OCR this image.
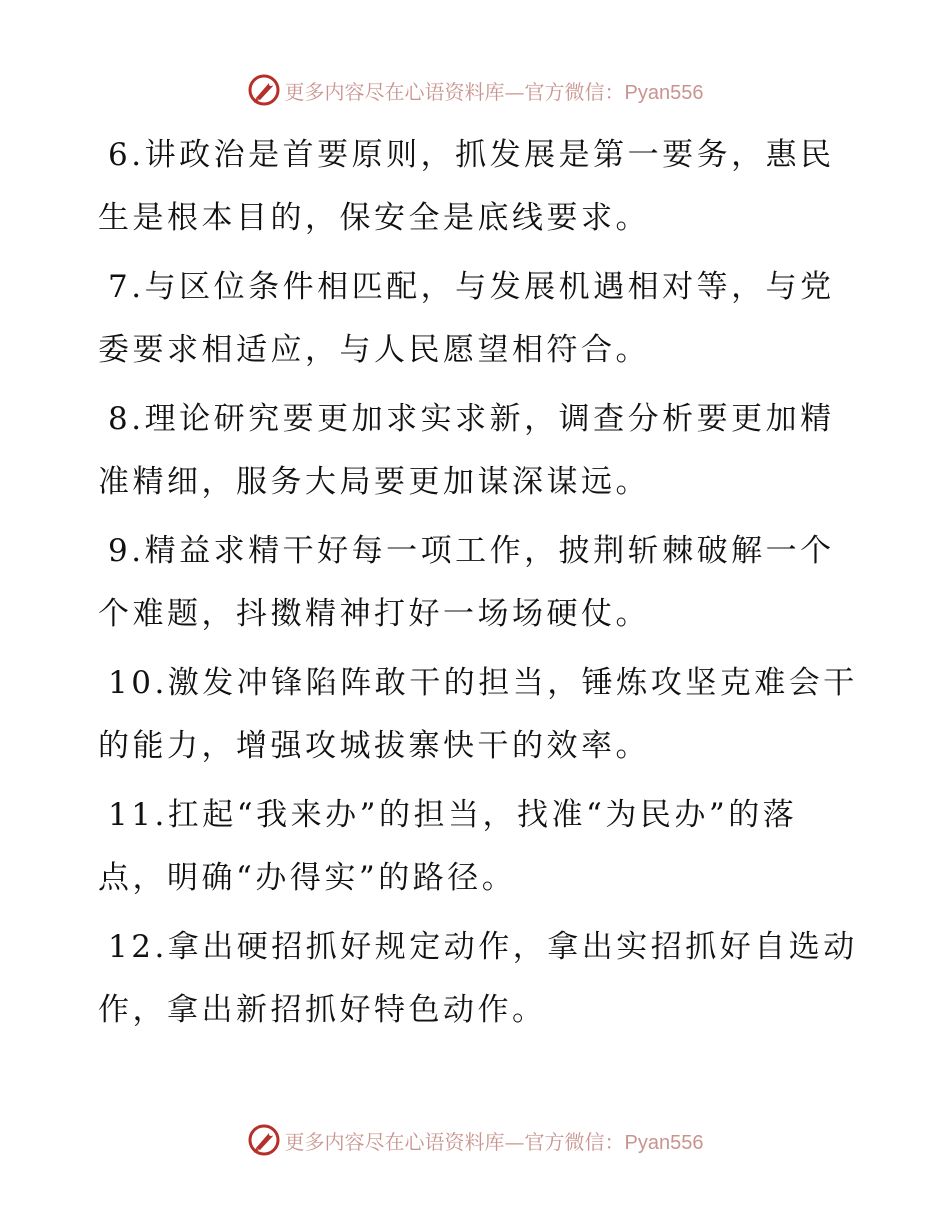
更多内容尽在心语资料库—官方微信：Pyan556

6.讲政治是首要原则，抓发展是第一要务，惠民生是根本目的，保安全是底线要求。

7.与区位条件相匹配，与发展机遇相对等，与党委要求相适应，与人民愿望相符合。

8.理论研究要更加求实求新，调查分析要更加精准精细，服务大局要更加谋深谋远。

9.精益求精干好每一项工作，披荆斩棘破解一个个难题，抖擞精神打好一场场硬仗。

10.激发冲锋陷阵敢干的担当，锤炼攻坚克难会干的能力，增强攻城拔寨快干的效率。

11.扛起“我来办”的担当，找准“为民办”的落点，明确“办得实”的路径。

12.拿出硬招抓好规定动作，拿出实招抓好自选动作，拿出新招抓好特色动作。

更多内容尽在心语资料库—官方微信：Pyan556
